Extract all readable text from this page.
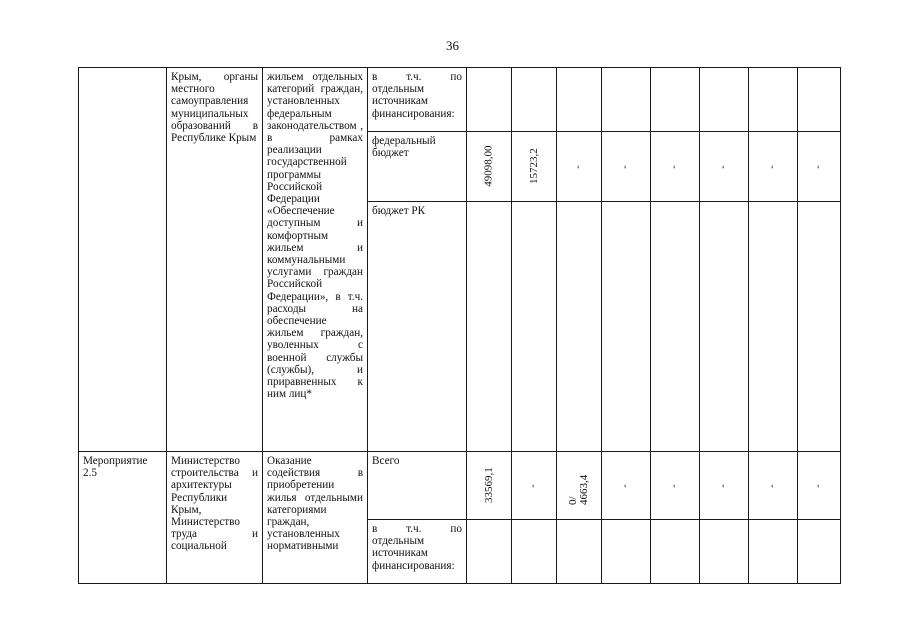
36
	Крым, органы местного самоуправления муниципальных образований в Республике Крым	жильем отдельных категорий граждан, установленных федеральным законодательством , в рамках реализации государственной программы Российской Федерации «Обеспечение доступным и комфортным жильем и коммунальными услугами граждан Российской Федерации», в т.ч. расходы на обеспечение жильем граждан, уволенных с военной службы (службы), и приравненных к ним лиц*	в т.ч. по отдельным источникам финансирования:								
			федеральный бюджет	49098,00	15723,2	-	-	-	-	-	-
			бюджет РК								
Мероприятие 2.5	Министерство строительства и архитектуры Республики Крым, Министерство труда и социальной	Оказание содействия в приобретении жилья отдельными категориями граждан, установленных нормативными	Всего	33569,1	-	0/ 4663,4	-	-	-	-	-
			в т.ч. по отдельным источникам финансирования:								
